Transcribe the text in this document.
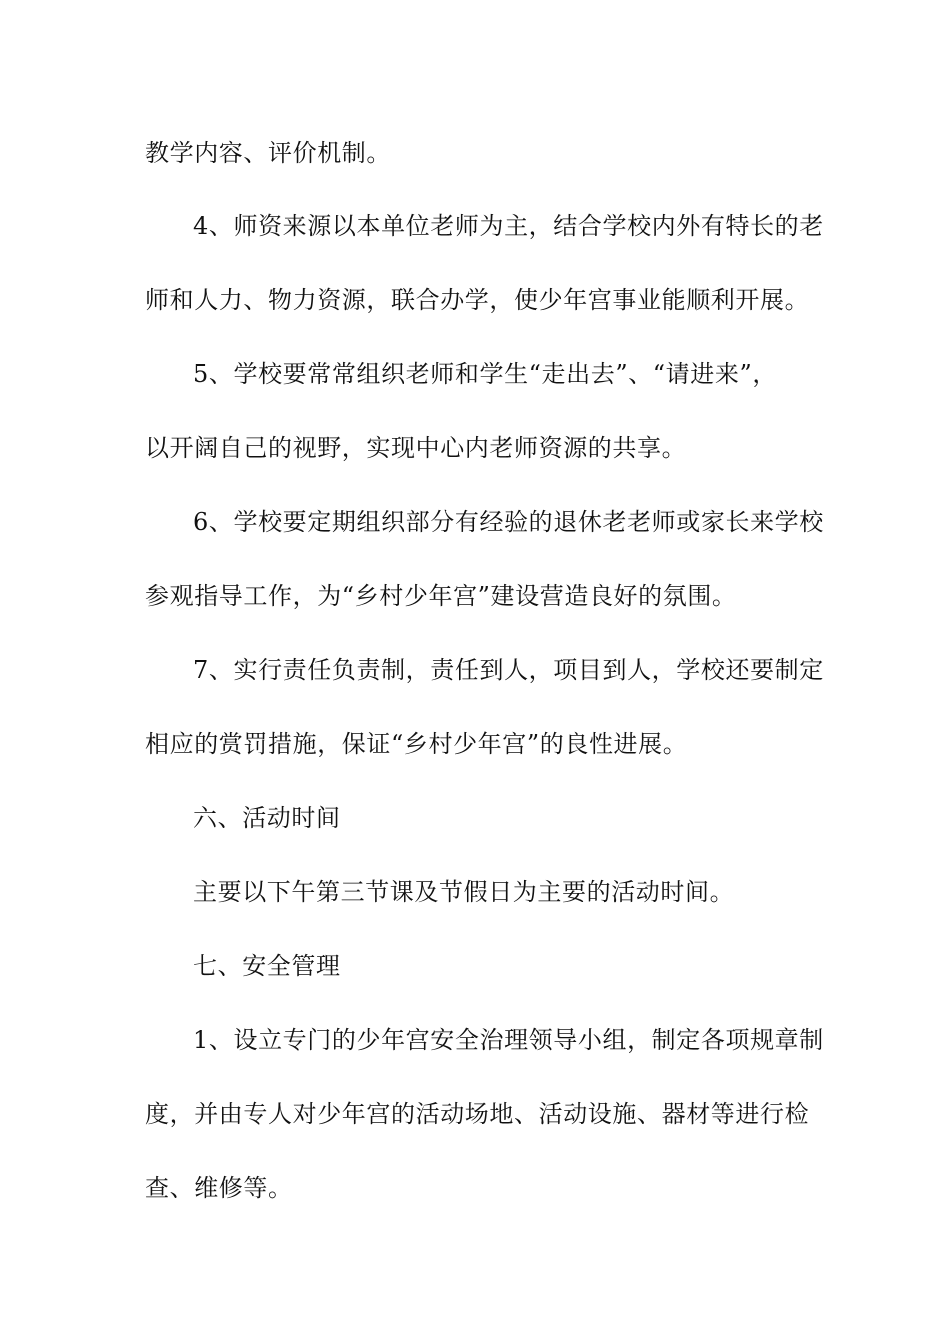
教学内容、评价机制。
4、师资来源以本单位老师为主，结合学校内外有特长的老
师和人力、物力资源，联合办学，使少年宫事业能顺利开展。
5、学校要常常组织老师和学生“走出去”、“请进来”，
以开阔自己的视野，实现中心内老师资源的共享。
6、学校要定期组织部分有经验的退休老老师或家长来学校
参观指导工作，为“乡村少年宫”建设营造良好的氛围。
7、实行责任负责制，责任到人，项目到人，学校还要制定
相应的赏罚措施，保证“乡村少年宫”的良性进展。
六、活动时间
主要以下午第三节课及节假日为主要的活动时间。
七、安全管理
1、设立专门的少年宫安全治理领导小组，制定各项规章制
度，并由专人对少年宫的活动场地、活动设施、器材等进行检
查、维修等。
